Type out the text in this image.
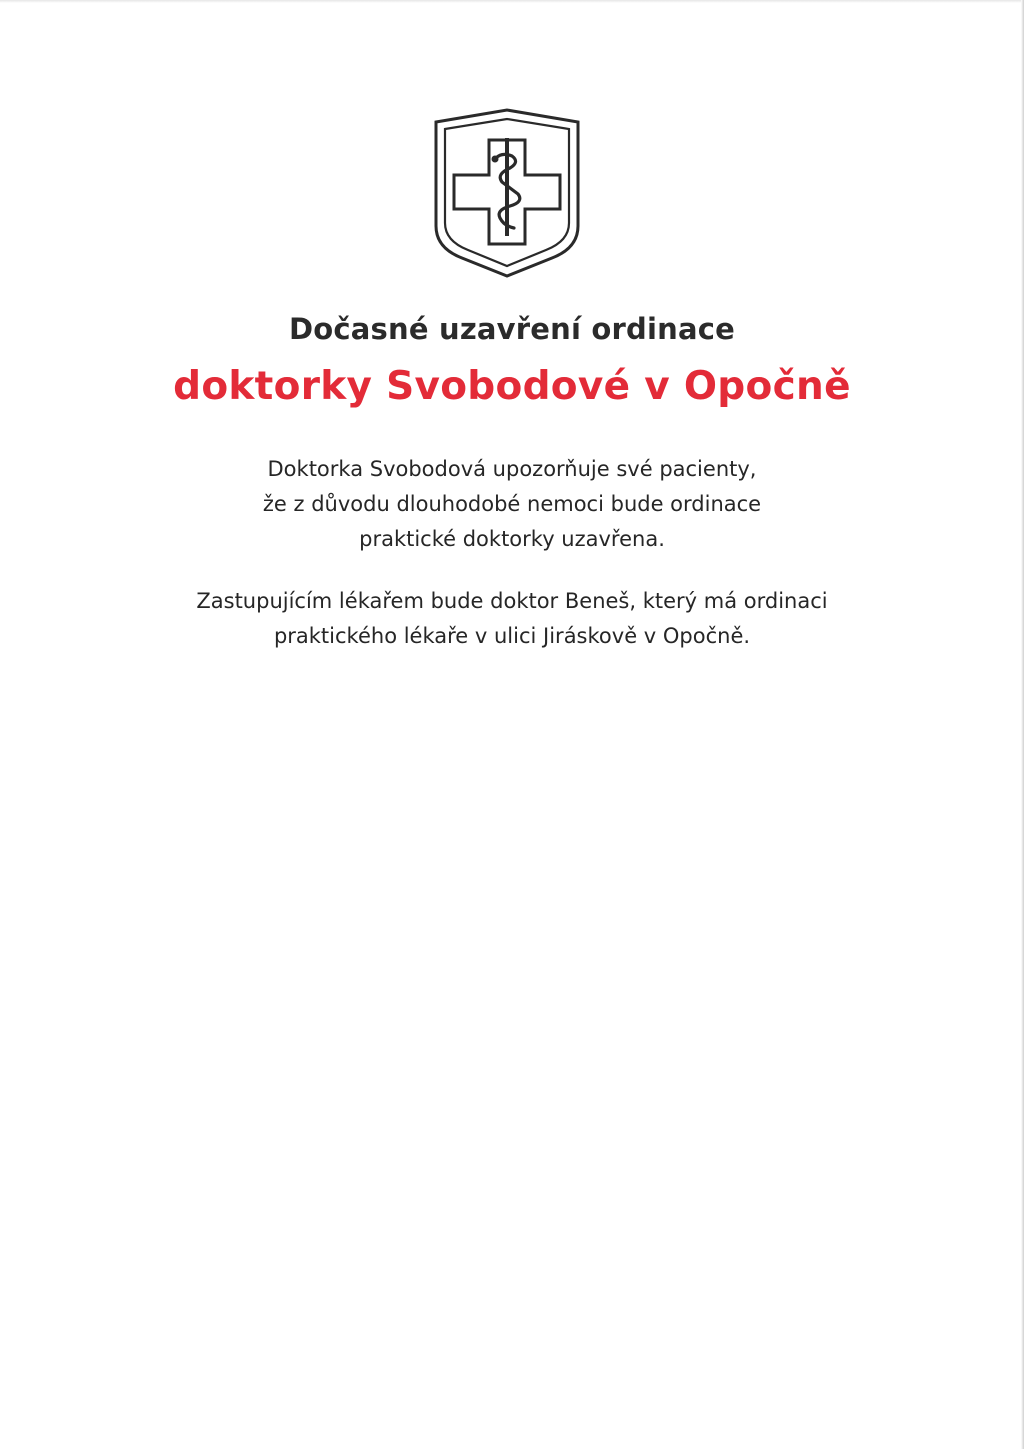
Dočasné uzavření ordinace
doktorky Svobodové v Opočně
Doktorka Svobodová upozorňuje své pacienty,
že z důvodu dlouhodobé nemoci bude ordinace
praktické doktorky uzavřena.
Zastupujícím lékařem bude doktor Beneš, který má ordinaci
praktického lékaře v ulici Jiráskově v Opočně.
